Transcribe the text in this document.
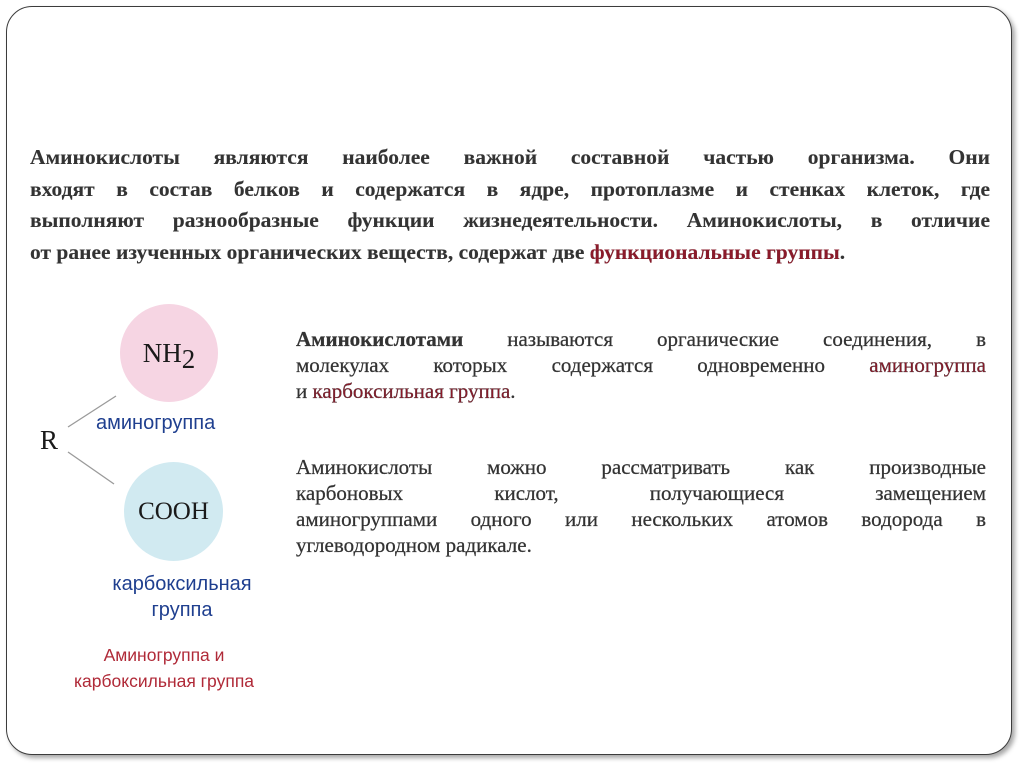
Аминокислоты являются наиболее важной составной частью организма. Они
входят в состав белков и содержатся в ядре, протоплазме и стенках клеток, где
выполняют разнообразные функции жизнедеятельности. Аминокислоты, в отличие
от ранее изученных органических веществ, содержат две функциональные группы.
$NH_2$
аминогруппа
R
COOH
карбоксильная
группа
Аминогруппа и
карбоксильная группа
Аминокислотами называются органические соединения, в
молекулах которых содержатся одновременно аминогруппа
и карбоксильная группа.
Аминокислоты можно рассматривать как производные
карбоновых кислот, получающиеся замещением
аминогруппами одного или нескольких атомов водорода в
углеводородном радикале.
